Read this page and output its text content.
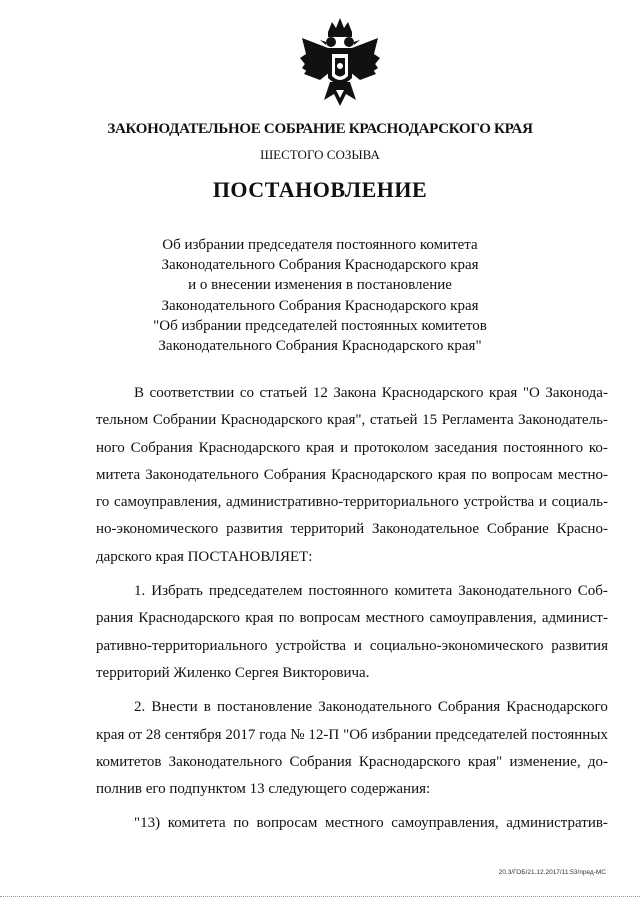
ЗАКОНОДАТЕЛЬНОЕ СОБРАНИЕ КРАСНОДАРСКОГО КРАЯ
ШЕСТОГО СОЗЫВА
ПОСТАНОВЛЕНИЕ
Об избрании председателя постоянного комитета
Законодательного Собрания Краснодарского края
и о внесении изменения в постановление
Законодательного Собрания Краснодарского края
"Об избрании председателей постоянных комитетов
Законодательного Собрания Краснодарского края"
В соответствии со статьей 12 Закона Краснодарского края "О Законода-
тельном Собрании Краснодарского края", статьей 15 Регламента Законодатель-
ного Собрания Краснодарского края и протоколом заседания постоянного ко-
митета Законодательного Собрания Краснодарского края по вопросам местно-
го самоуправления, административно-территориального устройства и социаль-
но-экономического развития территорий Законодательное Собрание Красно-
дарского края ПОСТАНОВЛЯЕТ:
1. Избрать председателем постоянного комитета Законодательного Соб-
рания Краснодарского края по вопросам местного самоуправления, админист-
ративно-территориального устройства и социально-экономического развития
территорий Жиленко Сергея Викторовича.
2. Внести в постановление Законодательного Собрания Краснодарского
края от 28 сентября 2017 года № 12-П "Об избрании председателей постоянных
комитетов Законодательного Собрания Краснодарского края" изменение, до-
полнив его подпунктом 13 следующего содержания:
"13) комитета по вопросам местного самоуправления, административ-
20.3/ГОБ/21.12.2017/11:53/пред-МС
